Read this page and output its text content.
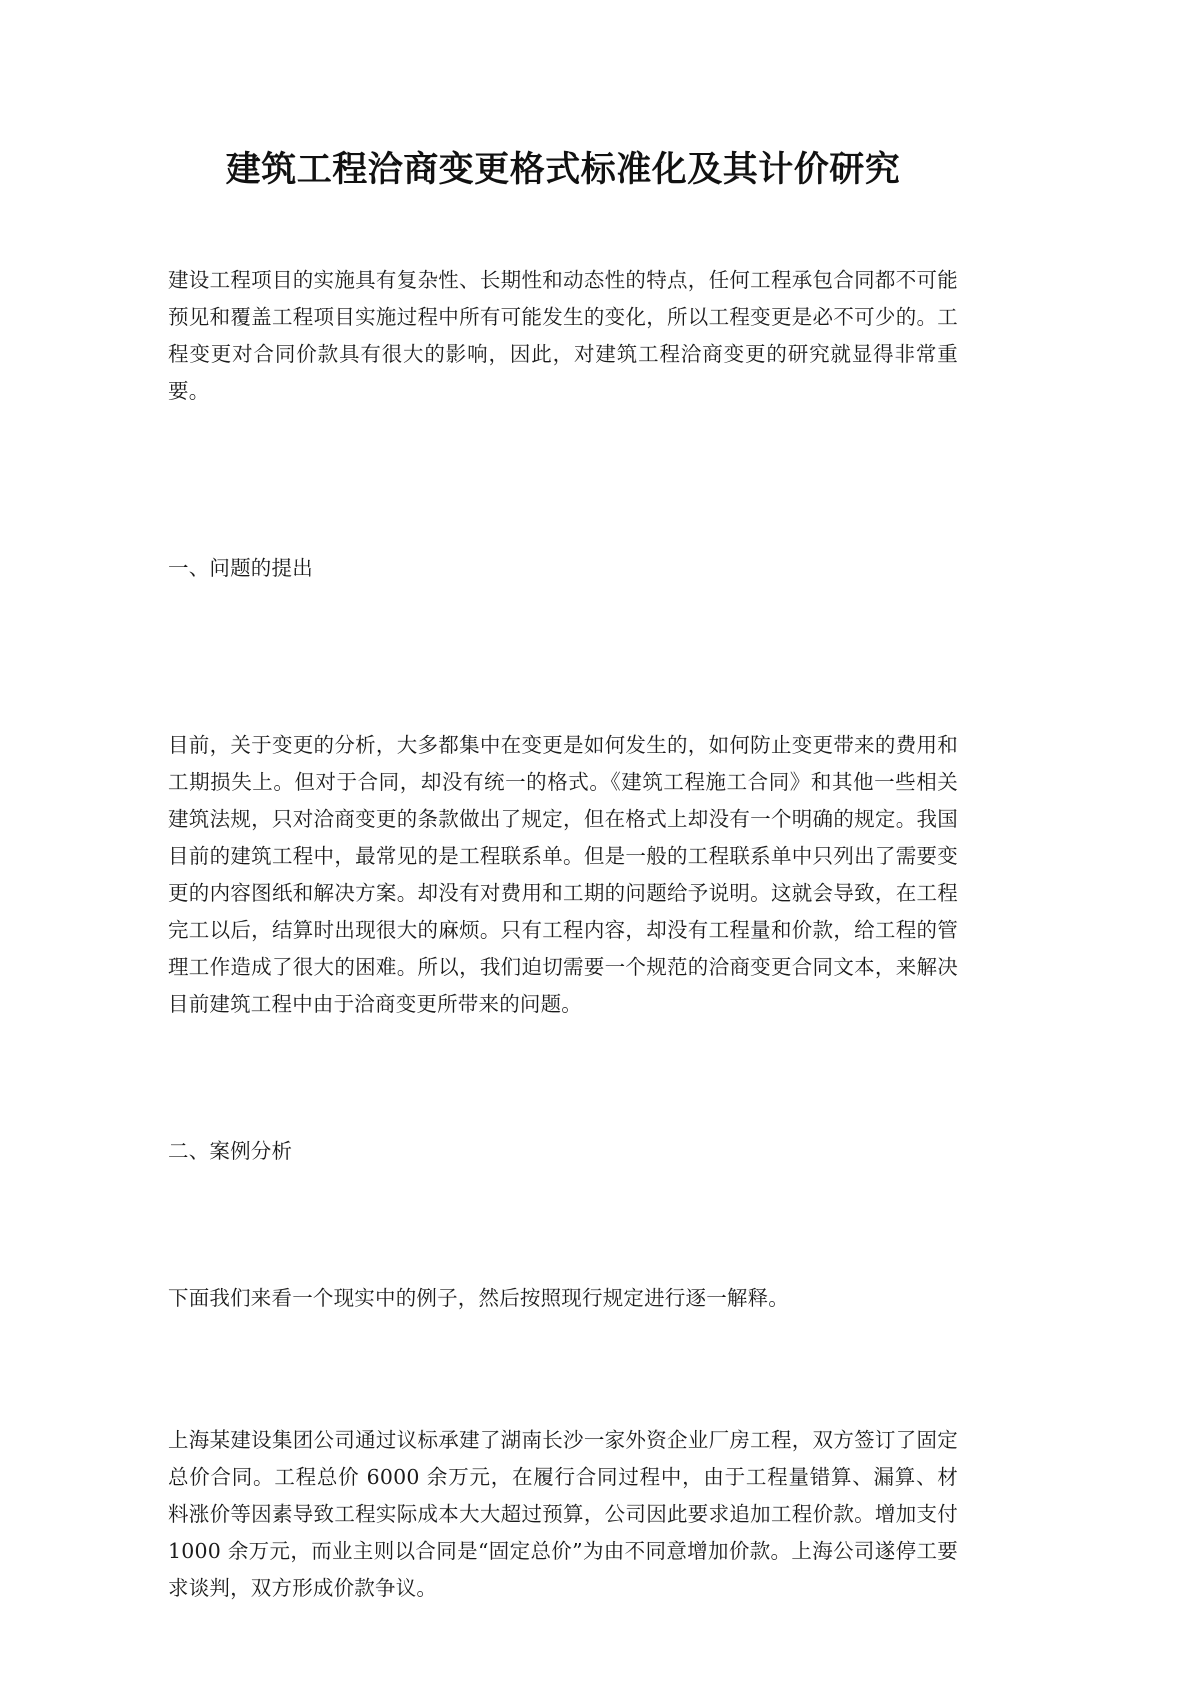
建筑工程洽商变更格式标准化及其计价研究

建设工程项目的实施具有复杂性、长期性和动态性的特点，任何工程承包合同都不可能预见和覆盖工程项目实施过程中所有可能发生的变化，所以工程变更是必不可少的。工程变更对合同价款具有很大的影响，因此，对建筑工程洽商变更的研究就显得非常重要。

一、问题的提出

目前，关于变更的分析，大多都集中在变更是如何发生的，如何防止变更带来的费用和工期损失上。但对于合同，却没有统一的格式。《建筑工程施工合同》和其他一些相关建筑法规，只对洽商变更的条款做出了规定，但在格式上却没有一个明确的规定。我国目前的建筑工程中，最常见的是工程联系单。但是一般的工程联系单中只列出了需要变更的内容图纸和解决方案。却没有对费用和工期的问题给予说明。这就会导致，在工程完工以后，结算时出现很大的麻烦。只有工程内容，却没有工程量和价款，给工程的管理工作造成了很大的困难。所以，我们迫切需要一个规范的洽商变更合同文本，来解决目前建筑工程中由于洽商变更所带来的问题。

二、案例分析

下面我们来看一个现实中的例子，然后按照现行规定进行逐一解释。

上海某建设集团公司通过议标承建了湖南长沙一家外资企业厂房工程，双方签订了固定总价合同。工程总价 6000 余万元，在履行合同过程中，由于工程量错算、漏算、材料涨价等因素导致工程实际成本大大超过预算，公司因此要求追加工程价款。增加支付 1000 余万元，而业主则以合同是“固定总价”为由不同意增加价款。上海公司遂停工要求谈判，双方形成价款争议。
